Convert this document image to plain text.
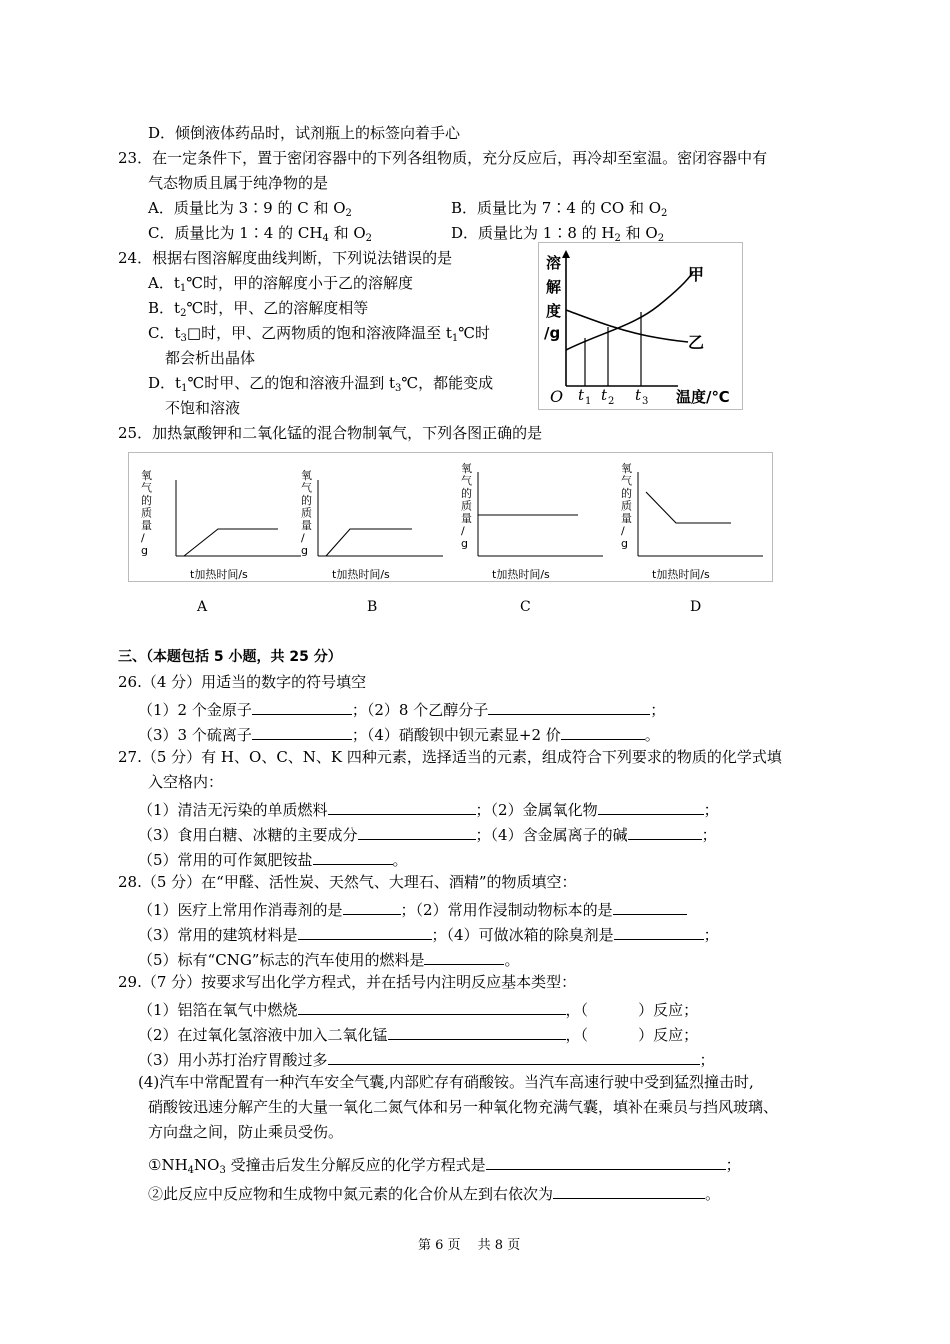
D．倾倒液体药品时，试剂瓶上的标签向着手心
23．在一定条件下，置于密闭容器中的下列各组物质，充分反应后，再冷却至室温。密闭容器中有
气态物质且属于纯净物的是
A．质量比为 3∶9 的 C 和 $O_2$	B．质量比为 7∶4 的 CO 和 $O_2$
C．质量比为 1∶4 的 $CH_4$ 和 $O_2$	D．质量比为 1∶8 的 $H_2$ 和 $O_2$
24．根据右图溶解度曲线判断，下列说法错误的是
A．$t_1℃$时，甲的溶解度小于乙的溶解度
B．$t_2℃$时，甲、乙的溶解度相等
C．$t_3□$时，甲、乙两物质的饱和溶液降温至 $t_1℃$时
都会析出晶体
D．$t_1℃$时甲、乙的饱和溶液升温到 $t_3℃$，都能变成
不饱和溶液
溶
解
度
/g
甲
乙
O t 1 t 2 t 3 温度/℃
25．加热氯酸钾和二氧化锰的混合物制氧气，下列各图正确的是
氧
气
的
质
量
/
g
t加热时间/s
氧
气
的
质
量
/
g
t加热时间/s
氧
气
的
质
量
/
g
t加热时间/s
氧
气
的
质
量
/
g
t加热时间/s
A	B	C	D
三、（本题包括 5 小题，共 25 分）
26.（4 分）用适当的数字的符号填空
（1）2 个金原子	；（2）8 个乙醇分子	；
（3）3 个硫离子	；（4）硝酸钡中钡元素显+2 价	。
27.（5 分）有 H、O、C、N、K 四种元素，选择适当的元素，组成符合下列要求的物质的化学式填
入空格内：
（1）清洁无污染的单质燃料	；（2）金属氧化物	；
（3）食用白糖、冰糖的主要成分	；（4）含金属离子的碱	；
（5）常用的可作氮肥铵盐	。
28.（5 分）在“甲醛、活性炭、天然气、大理石、酒精”的物质填空：
（1）医疗上常用作消毒剂的是	；（2）常用作浸制动物标本的是
（3）常用的建筑材料是	；（4）可做冰箱的除臭剂是	；
（5）标有“CNG”标志的汽车使用的燃料是	。
29.（7 分）按要求写出化学方程式，并在括号内注明反应基本类型：
（1）铝箔在氧气中燃烧	，（	）反应；
（2）在过氧化氢溶液中加入二氧化锰	，（	）反应；
（3）用小苏打治疗胃酸过多	；
(4)汽车中常配置有一种汽车安全气囊,内部贮存有硝酸铵。当汽车高速行驶中受到猛烈撞击时,
硝酸铵迅速分解产生的大量一氧化二氮气体和另一种氧化物充满气囊，填补在乘员与挡风玻璃、
方向盘之间，防止乘员受伤。
$①NH_4NO_3$ 受撞击后发生分解反应的化学方程式是	；
②此反应中反应物和生成物中氮元素的化合价从左到右依次为	。
第 6 页　 共 8 页
